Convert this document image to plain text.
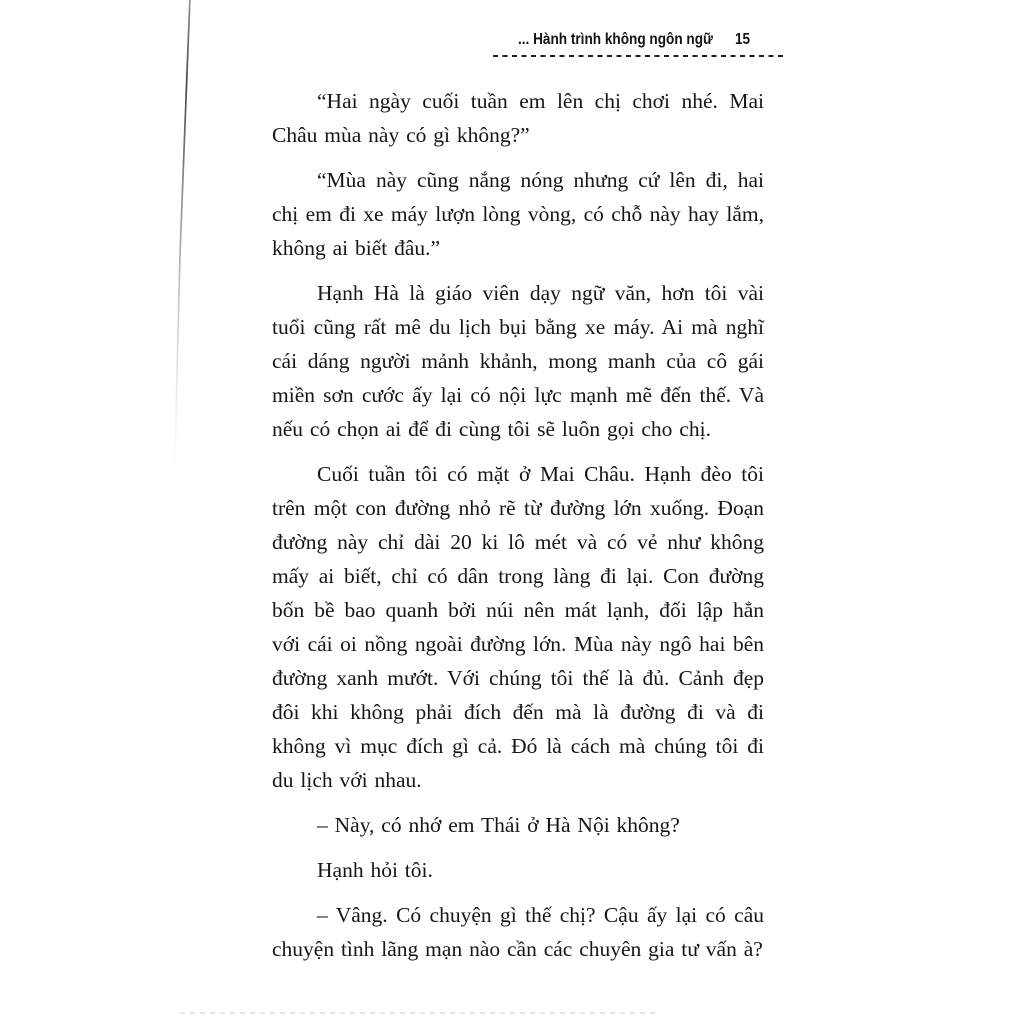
... Hành trình không ngôn ngữ 15

“Hai ngày cuối tuần em lên chị chơi nhé. Mai Châu mùa này có gì không?”

“Mùa này cũng nắng nóng nhưng cứ lên đi, hai chị em đi xe máy lượn lòng vòng, có chỗ này hay lắm, không ai biết đâu.”

Hạnh Hà là giáo viên dạy ngữ văn, hơn tôi vài tuổi cũng rất mê du lịch bụi bằng xe máy. Ai mà nghĩ cái dáng người mảnh khảnh, mong manh của cô gái miền sơn cước ấy lại có nội lực mạnh mẽ đến thế. Và nếu có chọn ai để đi cùng tôi sẽ luôn gọi cho chị.

Cuối tuần tôi có mặt ở Mai Châu. Hạnh đèo tôi trên một con đường nhỏ rẽ từ đường lớn xuống. Đoạn đường này chỉ dài 20 ki lô mét và có vẻ như không mấy ai biết, chỉ có dân trong làng đi lại. Con đường bốn bề bao quanh bởi núi nên mát lạnh, đối lập hẳn với cái oi nồng ngoài đường lớn. Mùa này ngô hai bên đường xanh mướt. Với chúng tôi thế là đủ. Cảnh đẹp đôi khi không phải đích đến mà là đường đi và đi không vì mục đích gì cả. Đó là cách mà chúng tôi đi du lịch với nhau.

– Này, có nhớ em Thái ở Hà Nội không?

Hạnh hỏi tôi.

– Vâng. Có chuyện gì thế chị? Cậu ấy lại có câu chuyện tình lãng mạn nào cần các chuyên gia tư vấn à?
